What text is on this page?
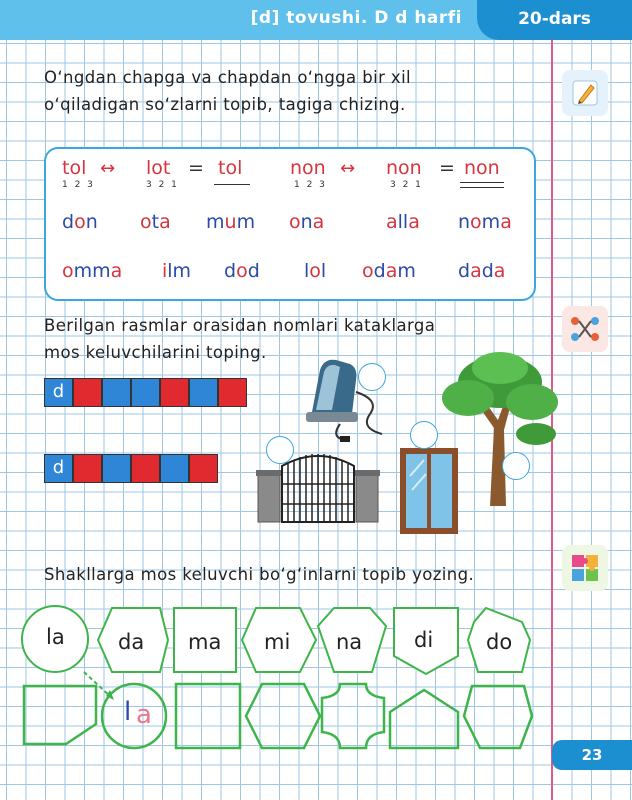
[d] tovushi. D d harfi	20-dars
O‘ngdan chapga va chapdan o‘ngga bir xil
o‘qiladigan so‘zlarni topib, tagiga chizing.
tol
1 2 3
↔ lot
3 2 1
= tol	non
1 2 3
↔ non
3 2 1
= non
don ota mum ona	alla noma
omma ilm dod lol odam dada
Berilgan rasmlar orasidan nomlari kataklarga
mos keluvchilarini toping.
d
d
Shakllarga mos keluvchi bo‘g‘inlarni topib yozing.
la	da ma mi na di	do
l a
23
